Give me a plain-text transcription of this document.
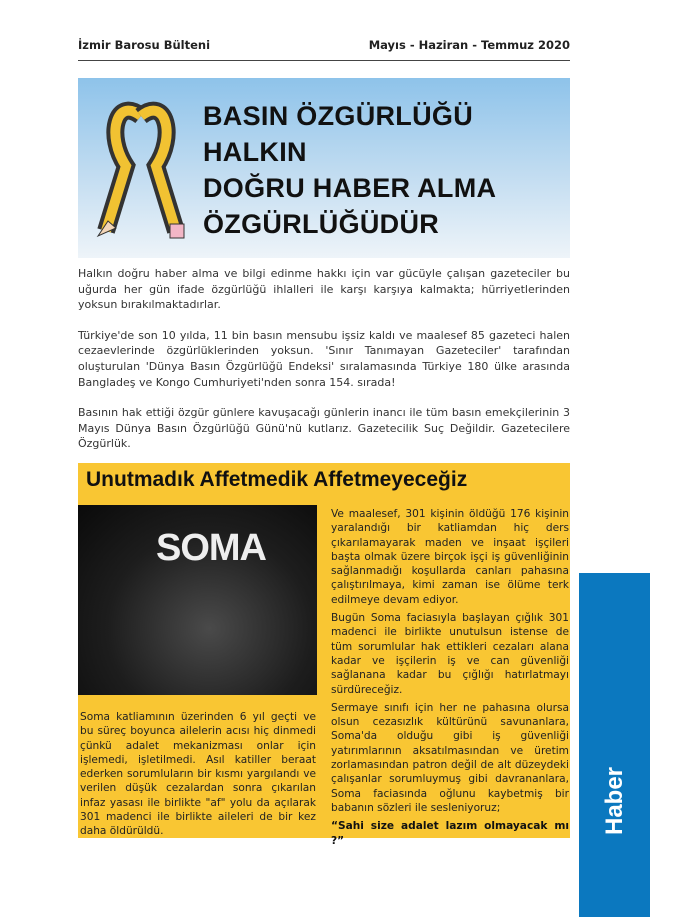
İzmir Barosu Bülteni	Mayıs - Haziran - Temmuz 2020
BASIN ÖZGÜRLÜĞÜ
HALKIN
DOĞRU HABER ALMA
ÖZGÜRLÜĞÜDÜR

Halkın doğru haber alma ve bilgi edinme hakkı için var gücüyle çalışan gazeteciler bu uğurda her gün ifade özgürlüğü ihlalleri ile karşı karşıya kalmakta; hürriyetlerinden yoksun bırakılmaktadırlar.

Türkiye'de son 10 yılda, 11 bin basın mensubu işsiz kaldı ve maalesef 85 gazeteci halen cezaevlerinde özgürlüklerinden yoksun. 'Sınır Tanımayan Gazeteciler' tarafından oluşturulan 'Dünya Basın Özgürlüğü Endeksi' sıralamasında Türkiye 180 ülke arasında Bangladeş ve Kongo Cumhuriyeti'nden sonra 154. sırada!

Basının hak ettiği özgür günlere kavuşacağı günlerin inancı ile tüm basın emekçilerinin 3 Mayıs Dünya Basın Özgürlüğü Günü'nü kutlarız. Gazetecilik Suç Değildir. Gazetecilere Özgürlük.

Unutmadık Affetmedik Affetmeyeceğiz
SOMA
Soma katliamının üzerinden 6 yıl geçti ve bu süreç boyunca ailelerin acısı hiç dinmedi çünkü adalet mekanizması onlar için işlemedi, işletilmedi. Asıl katiller beraat ederken sorumluların bir kısmı yargılandı ve verilen düşük cezalardan sonra çıkarılan infaz yasası ile birlikte "af" yolu da açılarak 301 madenci ile birlikte aileleri de bir kez daha öldürüldü.

Ve maalesef, 301 kişinin öldüğü 176 kişinin yaralandığı bir katliamdan hiç ders çıkarılamayarak maden ve inşaat işçileri başta olmak üzere birçok işçi iş güvenliğinin sağlanmadığı koşullarda canları pahasına çalıştırılmaya, kimi zaman ise ölüme terk edilmeye devam ediyor.

Bugün Soma faciasıyla başlayan çığlık 301 madenci ile birlikte unutulsun istense de tüm sorumlular hak ettikleri cezaları alana kadar ve işçilerin iş ve can güvenliği sağlanana kadar bu çığlığı hatırlatmayı sürdüreceğiz.

Sermaye sınıfı için her ne pahasına olursa olsun cezasızlık kültürünü savunanlara, Soma'da olduğu gibi iş güvenliği yatırımlarının aksatılmasından ve üretim zorlamasından patron değil de alt düzeydeki çalışanlar sorumluymuş gibi davrananlara, Soma faciasında oğlunu kaybetmiş bir babanın sözleri ile sesleniyoruz;

“Sahi size adalet lazım olmayacak mı ?”

Haber
